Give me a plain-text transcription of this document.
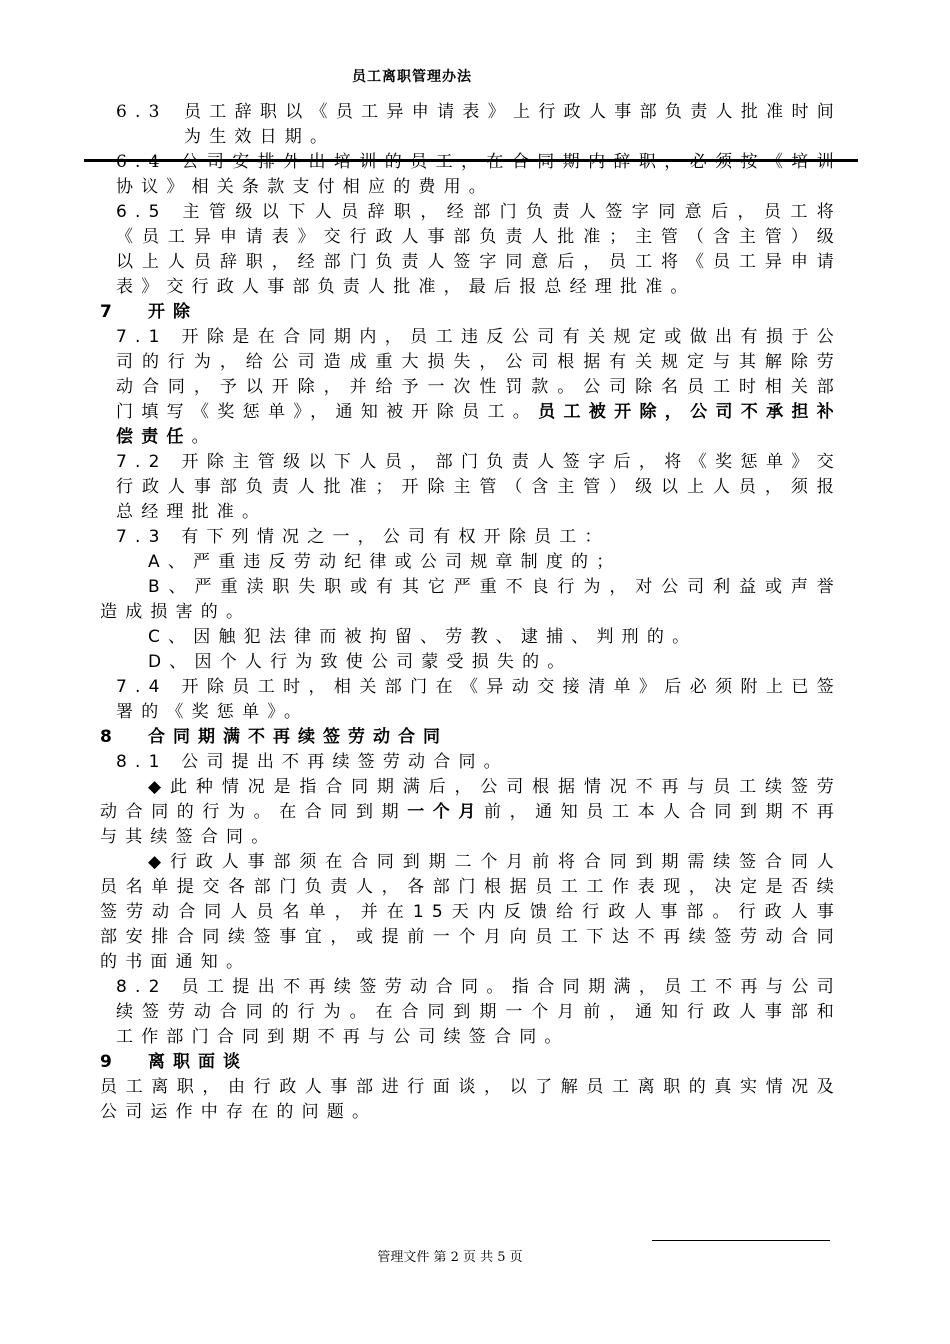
员工离职管理办法
6.3 员工辞职以《员工异申请表》上行政人事部负责人批准时间为生效日期。

6.4 公司安排外出培训的员工，在合同期内辞职，必须按《培训协议》相关条款支付相应的费用。

6.5 主管级以下人员辞职，经部门负责人签字同意后，员工将《员工异申请表》交行政人事部负责人批准；主管（含主管）级以上人员辞职，经部门负责人签字同意后，员工将《员工异申请表》交行政人事部负责人批准，最后报总经理批准。

7	开除

7.1 开除是在合同期内，员工违反公司有关规定或做出有损于公司的行为，给公司造成重大损失，公司根据有关规定与其解除劳动合同，予以开除，并给予一次性罚款。公司除名员工时相关部门填写《奖惩单》，通知被开除员工。员工被开除，公司不承担补偿责任。

7.2 开除主管级以下人员，部门负责人签字后，将《奖惩单》交行政人事部负责人批准；开除主管（含主管）级以上人员，须报总经理批准。

7.3 有下列情况之一，公司有权开除员工：

A、严重违反劳动纪律或公司规章制度的；

B、严重渎职失职或有其它严重不良行为，对公司利益或声誉造成损害的。

C、因触犯法律而被拘留、劳教、逮捕、判刑的。

D、因个人行为致使公司蒙受损失的。

7.4 开除员工时，相关部门在《异动交接清单》后必须附上已签署的《奖惩单》。

8	合同期满不再续签劳动合同

8.1 公司提出不再续签劳动合同。

◆此种情况是指合同期满后，公司根据情况不再与员工续签劳动合同的行为。在合同到期一个月前，通知员工本人合同到期不再与其续签合同。

◆行政人事部须在合同到期二个月前将合同到期需续签合同人员名单提交各部门负责人，各部门根据员工工作表现，决定是否续签劳动合同人员名单，并在15天内反馈给行政人事部。行政人事部安排合同续签事宜，或提前一个月向员工下达不再续签劳动合同的书面通知。

8.2 员工提出不再续签劳动合同。指合同期满，员工不再与公司续签劳动合同的行为。在合同到期一个月前，通知行政人事部和工作部门合同到期不再与公司续签合同。

9	离职面谈

员工离职，由行政人事部进行面谈，以了解员工离职的真实情况及公司运作中存在的问题。

管理文件 第 2 页 共 5 页
